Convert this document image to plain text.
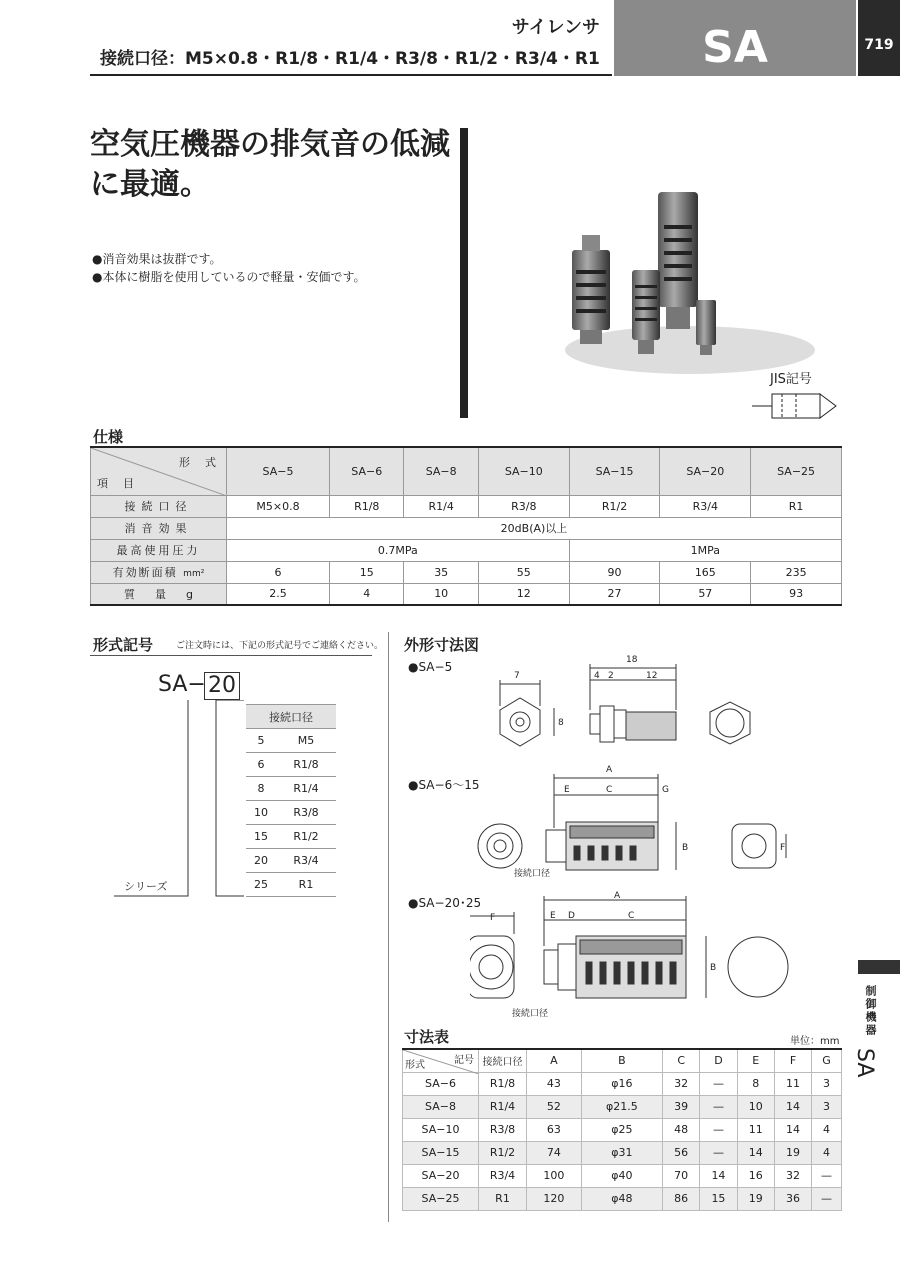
サイレンサ
接続口径：M5×0.8・R1/8・R1/4・R3/8・R1/2・R3/4・R1	SA	719
空気圧機器の排気音の低減に最適。
●消音効果は抜群です。
●本体に樹脂を使用しているので軽量・安価です。
JIS記号
仕様
形　式
項　目	SA−5	SA−6	SA−8	SA−10	SA−15	SA−20	SA−25
接続口径	M5×0.8	R1/8	R1/4	R3/8	R1/2	R3/4	R1
消音効果	20dB(A)以上						
最高使用圧力	0.7MPa				1MPa		
有効断面積 mm²	6	15	35	55	90	165	235
質量g	2.5	4	10	12	27	57	93
形式記号	ご注文時には、下記の形式記号でご連絡ください。
SA− 20
シリーズ
接続口径	
5	M5
6	R1/8
8	R1/4
10	R3/8
15	R1/2
20	R3/4
25	R1
外形寸法図
●SA−5
●SA−6〜15
●SA−20･25
7
8
18
4 2	12
A
E	C	G
B	F
接続口径
A
F	E D	C
B
接続口径
寸法表	単位：mm
記号
形式	接続口径	A	B	C	D	E	F	G
SA−6	R1/8	43	φ16	32	—	8	11	3
SA−8	R1/4	52	φ21.5	39	—	10	14	3
SA−10	R3/8	63	φ25	48	—	11	14	4
SA−15	R1/2	74	φ31	56	—	14	19	4
SA−20	R3/4	100	φ40	70	14	16	32	—
SA−25	R1	120	φ48	86	15	19	36	—
制御機器
SA
